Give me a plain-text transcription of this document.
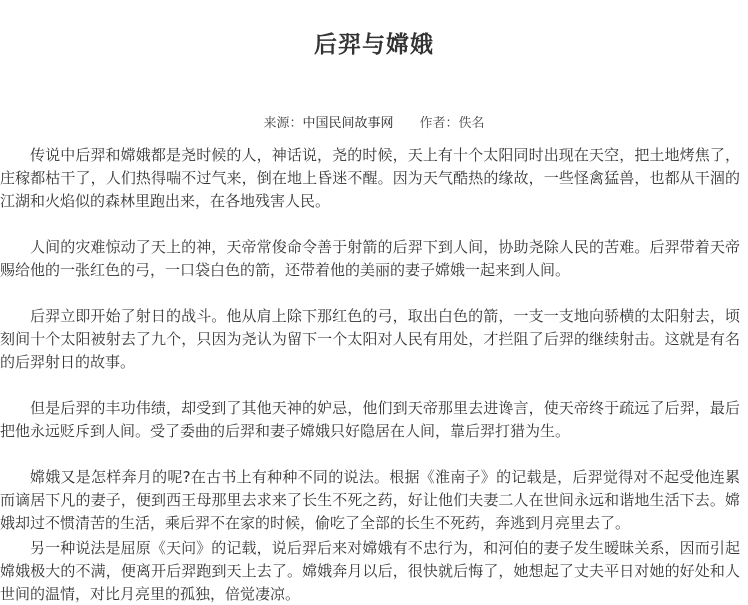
后羿与嫦娥
来源：中国民间故事网 作者：佚名

传说中后羿和嫦娥都是尧时候的人，神话说，尧的时候，天上有十个太阳同时出现在天空，把土地烤焦了，庄稼都枯干了，人们热得喘不过气来，倒在地上昏迷不醒。因为天气酷热的缘故，一些怪禽猛兽，也都从干涸的江湖和火焰似的森林里跑出来，在各地残害人民。

人间的灾难惊动了天上的神，天帝常俊命令善于射箭的后羿下到人间，协助尧除人民的苦难。后羿带着天帝赐给他的一张红色的弓，一口袋白色的箭，还带着他的美丽的妻子嫦娥一起来到人间。

后羿立即开始了射日的战斗。他从肩上除下那红色的弓，取出白色的箭，一支一支地向骄横的太阳射去，顷刻间十个太阳被射去了九个，只因为尧认为留下一个太阳对人民有用处，才拦阻了后羿的继续射击。这就是有名的后羿射日的故事。

但是后羿的丰功伟绩，却受到了其他天神的妒忌，他们到天帝那里去进谗言，使天帝终于疏远了后羿，最后把他永远贬斥到人间。受了委曲的后羿和妻子嫦娥只好隐居在人间，靠后羿打猎为生。

嫦娥又是怎样奔月的呢?在古书上有种种不同的说法。根据《淮南子》的记载是，后羿觉得对不起受他连累而谪居下凡的妻子，便到西王母那里去求来了长生不死之药，好让他们夫妻二人在世间永远和谐地生活下去。嫦娥却过不惯清苦的生活，乘后羿不在家的时候，偷吃了全部的长生不死药，奔逃到月亮里去了。

另一种说法是屈原《天问》的记载，说后羿后来对嫦娥有不忠行为，和河伯的妻子发生暧昧关系，因而引起嫦娥极大的不满，便离开后羿跑到天上去了。嫦娥奔月以后，很快就后悔了，她想起了丈夫平日对她的好处和人世间的温情，对比月亮里的孤独，倍觉凄凉。
